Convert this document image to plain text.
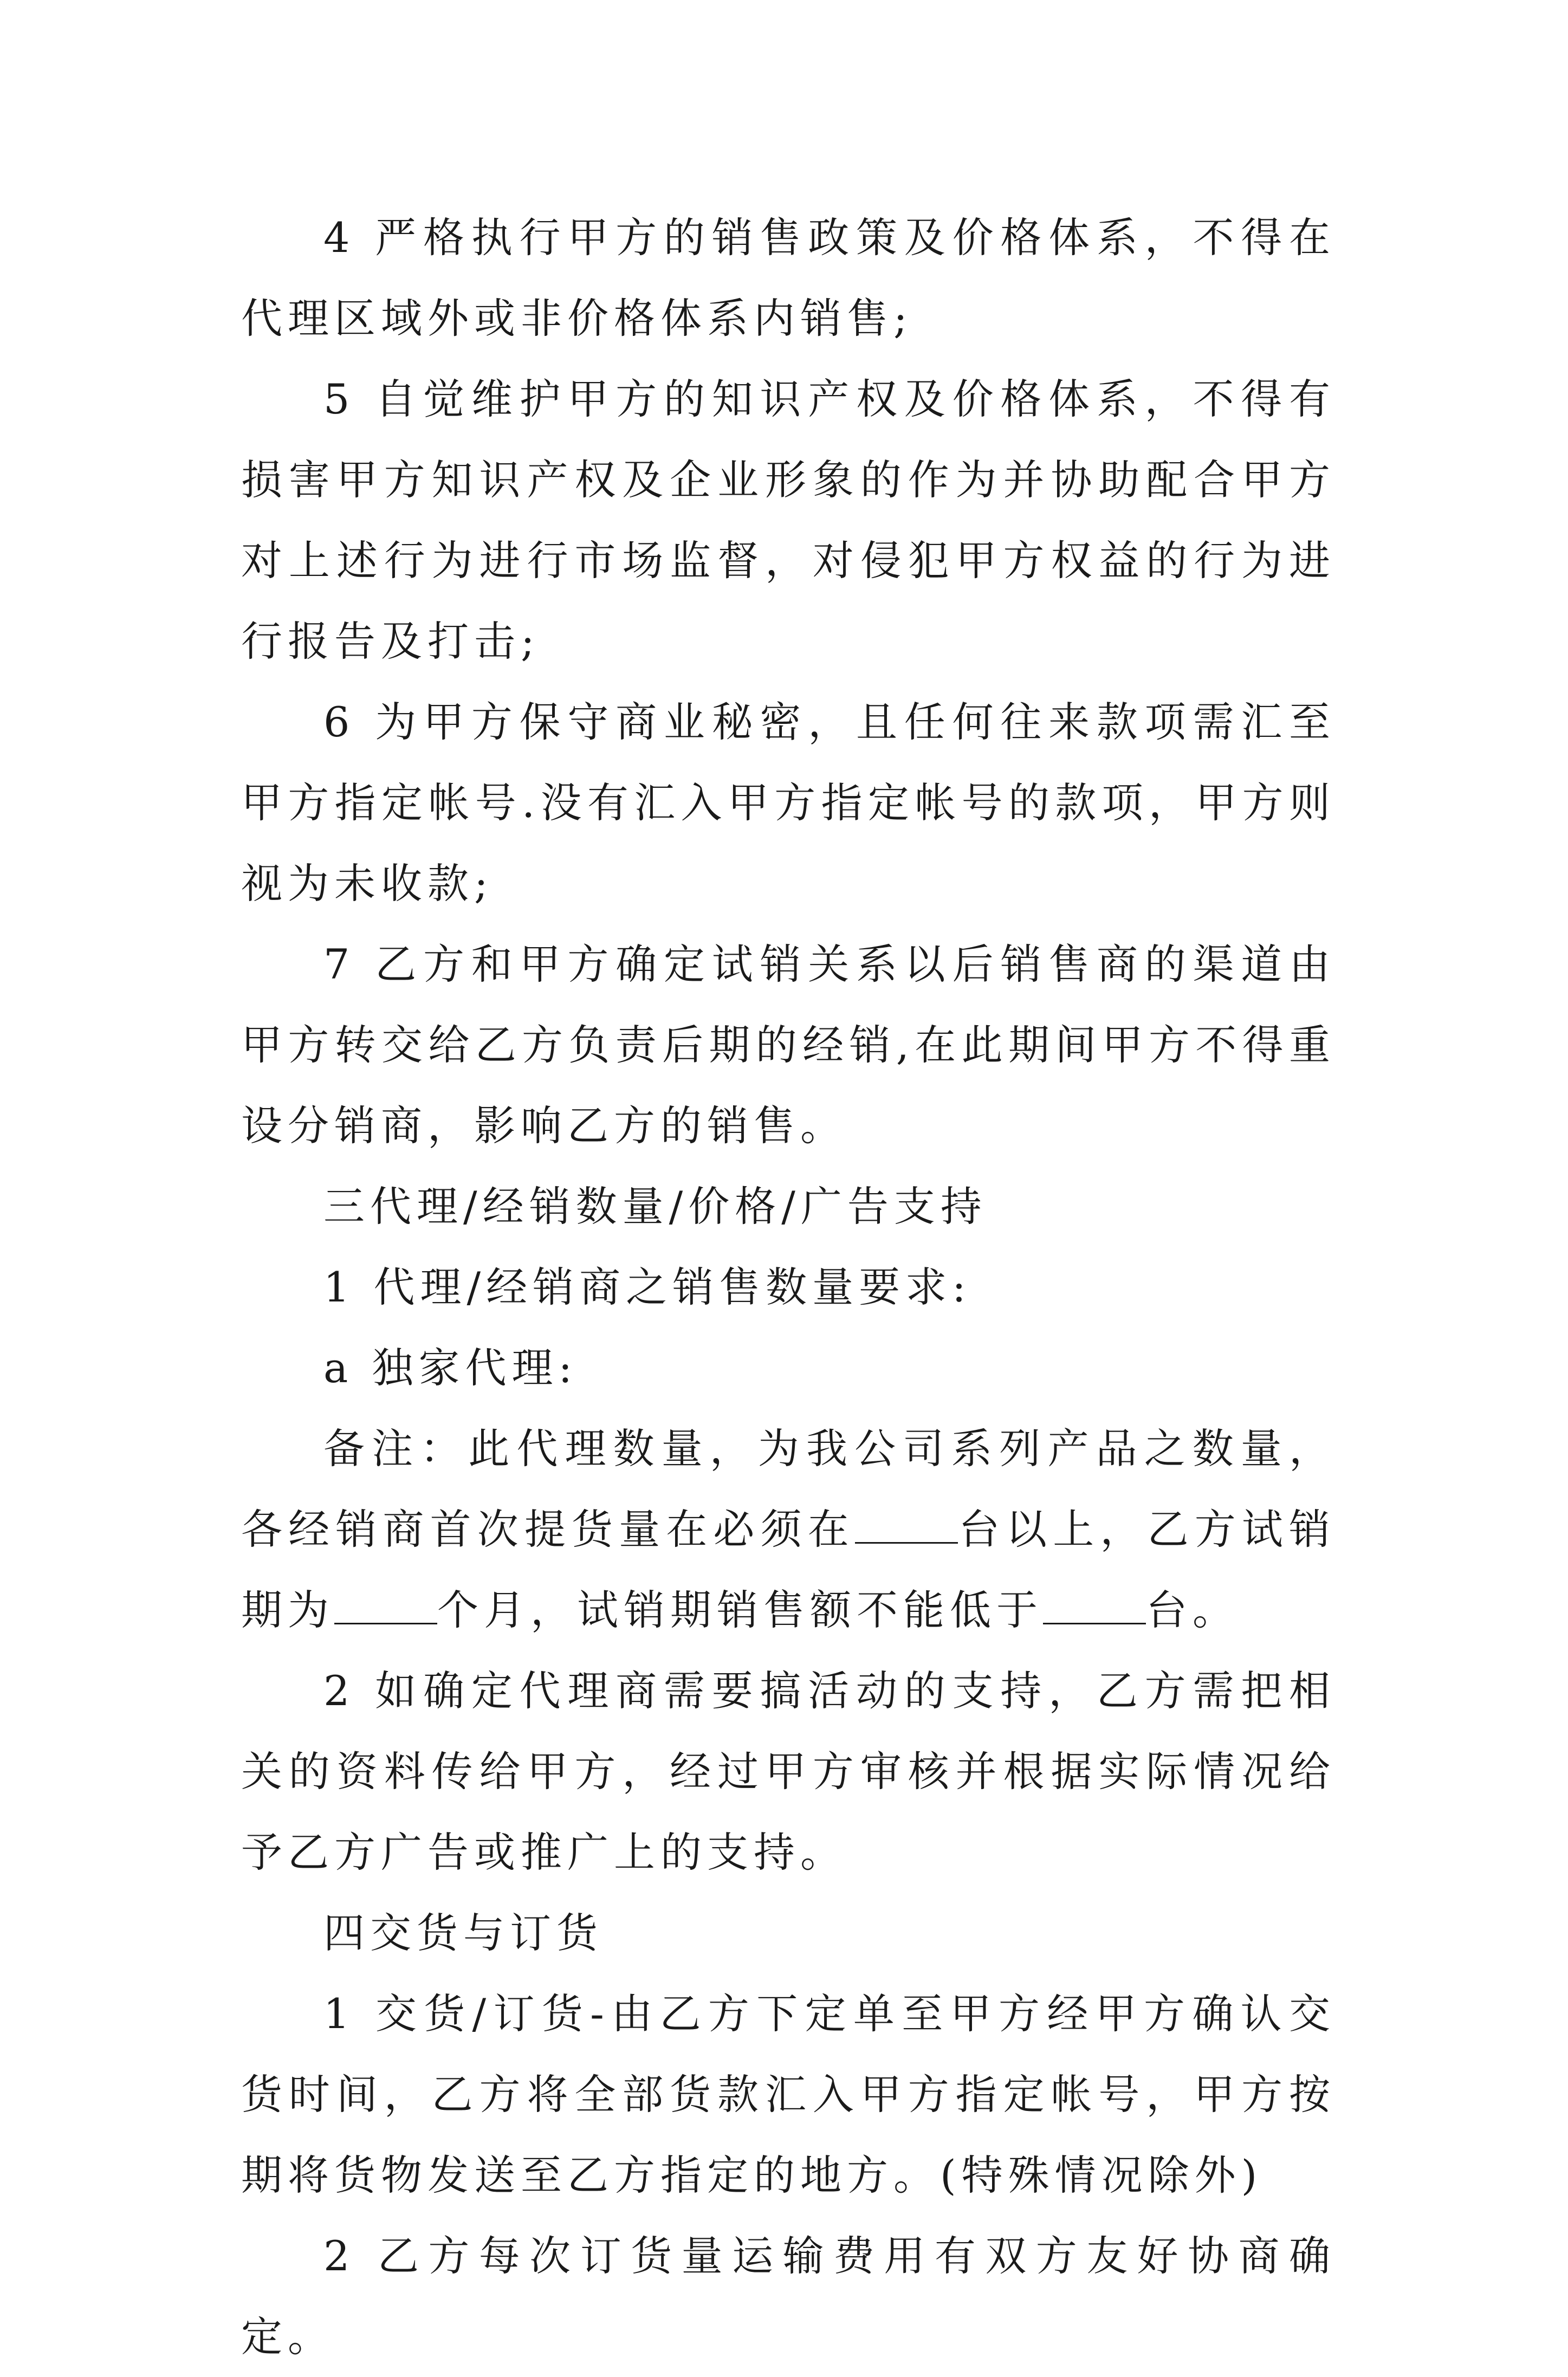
4 严格执行甲方的销售政策及价格体系，不得在代理区域外或非价格体系内销售;

5 自觉维护甲方的知识产权及价格体系，不得有损害甲方知识产权及企业形象的作为并协助配合甲方对上述行为进行市场监督，对侵犯甲方权益的行为进行报告及打击;

6 为甲方保守商业秘密，且任何往来款项需汇至甲方指定帐号.没有汇入甲方指定帐号的款项，甲方则视为未收款;

7 乙方和甲方确定试销关系以后销售商的渠道由甲方转交给乙方负责后期的经销,在此期间甲方不得重设分销商，影响乙方的销售。

三代理/经销数量/价格/广告支持

1 代理/经销商之销售数量要求:

a 独家代理:

备注：此代理数量，为我公司系列产品之数量，各经销商首次提货量在必须在	台以上，乙方试销期为	个月，试销期销售额不能低于	台。

2 如确定代理商需要搞活动的支持，乙方需把相关的资料传给甲方，经过甲方审核并根据实际情况给予乙方广告或推广上的支持。

四交货与订货

1 交货/订货-由乙方下定单至甲方经甲方确认交货时间，乙方将全部货款汇入甲方指定帐号，甲方按期将货物发送至乙方指定的地方。(特殊情况除外)

2 乙方每次订货量运输费用有双方友好协商确定。
